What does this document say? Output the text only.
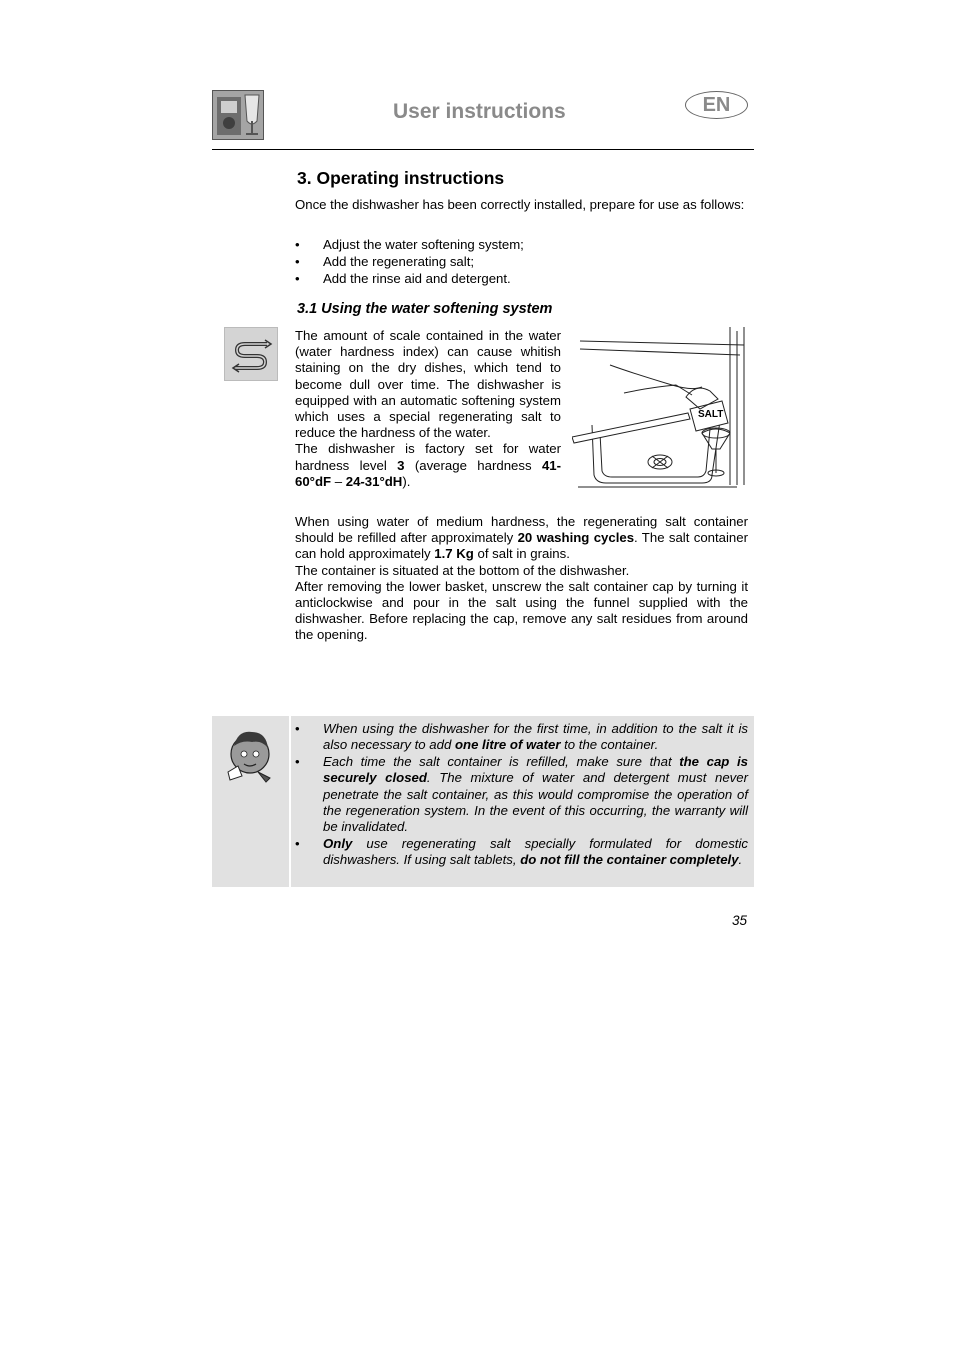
User instructions	EN
3. Operating instructions
Once the dishwasher has been correctly installed, prepare for use as follows:
• Adjust the water softening system;
• Add the regenerating salt;
• Add the rinse aid and detergent.
3.1 Using the water softening system
The amount of scale contained in the water (water hardness index) can cause whitish staining on the dry dishes, which tend to become dull over time. The dishwasher is equipped with an automatic softening system which uses a special regenerating salt to reduce the hardness of the water.
The dishwasher is factory set for water hardness level 3 (average hardness 41-60°dF – 24-31°dH).
SALT
When using water of medium hardness, the regenerating salt container should be refilled after approximately 20 washing cycles. The salt container can hold approximately 1.7 Kg of salt in grains.
The container is situated at the bottom of the dishwasher.
After removing the lower basket, unscrew the salt container cap by turning it anticlockwise and pour in the salt using the funnel supplied with the dishwasher. Before replacing the cap, remove any salt residues from around the opening.
• When using the dishwasher for the first time, in addition to the salt it is also necessary to add one litre of water to the container.
• Each time the salt container is refilled, make sure that the cap is securely closed. The mixture of water and detergent must never penetrate the salt container, as this would compromise the operation of the regeneration system. In the event of this occurring, the warranty will be invalidated.
• Only use regenerating salt specially formulated for domestic dishwashers. If using salt tablets, do not fill the container completely.
35
